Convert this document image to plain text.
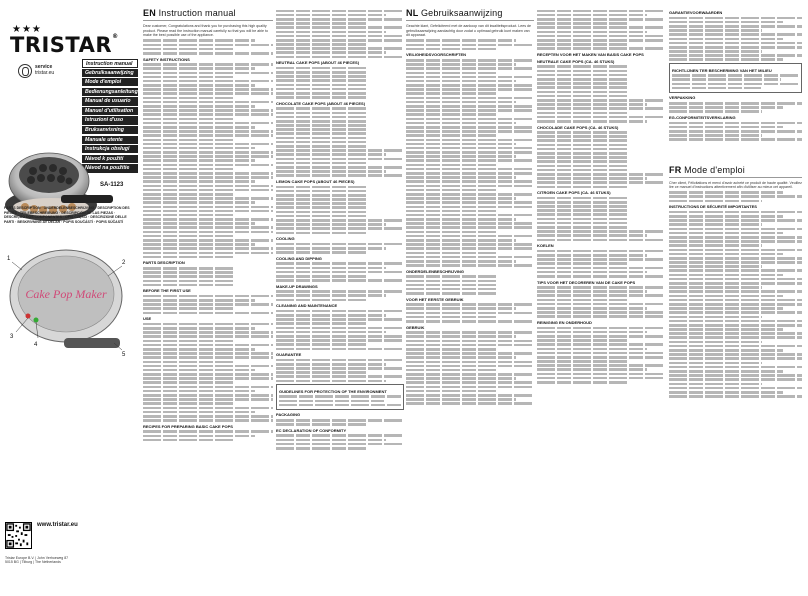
★★★
TRISTAR®
service
tristar.eu
Instruction manual
Gebruiksaanwijzing
Mode d'emploi
Bedienungsanleitung
Manual de usuario
Manuel d'utilisation
Istruzioni d'uso
Bruksanvisning
Manuale utente
Instrukcja obsługi
Návod k použití
Návod na použitie
SA-1123
PARTS DESCRIPTION · ONDERDELENBESCHRIJVING · DESCRIPTION DES PIÈCES · TEILEBESCHREIBUNG · DESCRIPCIÓN DE LAS PIEZAS · DESCRIÇÃO DOS COMPONENTES · OPIS CZĘŚCI · DESCRIZIONE DELLE PARTI · BESKRIVNING AV DELAR · POPIS SOUČÁSTÍ · POPIS SÚČASTÍ
Cake Pop Maker
1
2
3
4
5
www.tristar.eu
Tristar Europe B.V. | John Verhoeweg 87
5015 BG | Tilburg | The Netherlands
EN Instruction manual
Dear customer, Congratulations and thank you for purchasing this high quality product. Please read the instruction manual carefully so that you will be able to make the best possible use of the appliance.
SAFETY INSTRUCTIONS
PARTS DESCRIPTION
BEFORE THE FIRST USE
USE
RECIPES FOR PREPARING BASIC CAKE POPS
NEUTRAL CAKE POPS (ABOUT 46 PIECES)
CHOCOLATE CAKE POPS (ABOUT 46 PIECES)
LEMON CAKE POPS (ABOUT 46 PIECES)
COOLING
COOLING AND DIPPING
MAKE-UP DRAWINGS
CLEANING AND MAINTENANCE
GUARANTEE
GUIDELINES FOR PROTECTION OF THE ENVIRONMENT
PACKAGING
EC DECLARATION OF CONFORMITY
NL Gebruiksaanwijzing
Geachte klant, Gefeliciteerd met de aankoop van dit kwaliteitsproduct. Lees de gebruiksaanwijzing aandachtig door zodat u optimaal gebruik kunt maken van dit apparaat.
VEILIGHEIDSVOORSCHRIFTEN
ONDERDELENBESCHRIJVING
VOOR HET EERSTE GEBRUIK
GEBRUIK
RECEPTEN VOOR HET MAKEN VAN BASIS CAKE POPS
NEUTRALE CAKE POPS (CA. 46 STUKS)
CHOCOLADE CAKE POPS (CA. 46 STUKS)
CITROEN CAKE POPS (CA. 46 STUKS)
KOELEN
TIPS VOOR HET DECOREREN VAN DE CAKE POPS
REINIGING EN ONDERHOUD
GARANTIEVOORWAARDEN
RICHTLIJNEN TER BESCHERMING VAN HET MILIEU
VERPAKKING
EG-CONFORMITEITSVERKLARING
FR Mode d'emploi
Cher client, Félicitations et merci d'avoir acheté ce produit de haute qualité. Veuillez lire ce manuel d'instructions attentivement afin d'utiliser au mieux cet appareil.
INSTRUCTIONS DE SÉCURITÉ IMPORTANTES
